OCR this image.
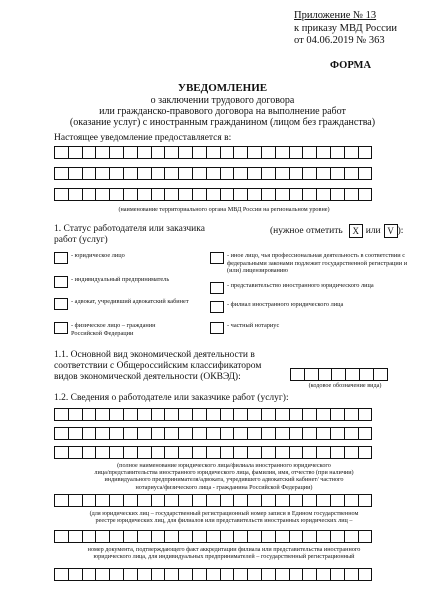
Приложение № 13
к приказу МВД России
от 04.06.2019 № 363
ФОРМА
УВЕДОМЛЕНИЕ
о заключении трудового договора
или гражданско-правового договора на выполнение работ
(оказание услуг) с иностранным гражданином (лицом без гражданства)
Настоящее уведомление предоставляется в:
(наименование территориального органа МВД России на региональном уровне)
1. Статус работодателя или заказчика
работ (услуг)
(нужное отметить	X или V ):
- юридическое лицо
- индивидуальный предприниматель
- адвокат, учредивший адвокатский кабинет
- физическое лицо – гражданин Российской Федерации
- иное лицо, чья профессиональная деятельность в соответствии с федеральными законами подлежит государственной регистрации и (или) лицензированию
- представительство иностранного юридического лица
- филиал иностранного юридического лица
- частный нотариус
1.1. Основной вид экономической деятельности в
соответствии с Общероссийским классификатором
видов экономической деятельности (ОКВЭД):
(кодовое обозначение вида)
1.2. Сведения о работодателе или заказчике работ (услуг):
(полное наименование юридического лица/филиала иностранного юридического
лица/представительства иностранного юридического лица, фамилия, имя, отчество (при наличии)
индивидуального предпринимателя/адвоката, учредившего адвокатский кабинет/ частного
нотариуса/физического лица - гражданина Российской Федерации)
(для юридических лиц – государственный регистрационный номер записи в Едином государственном
реестре юридических лиц, для филиалов или представительств иностранных юридических лиц –
номер документа, подтверждающего факт аккредитации филиала или представительства иностранного
юридического лица, для индивидуальных предпринимателей – государственный регистрационный
